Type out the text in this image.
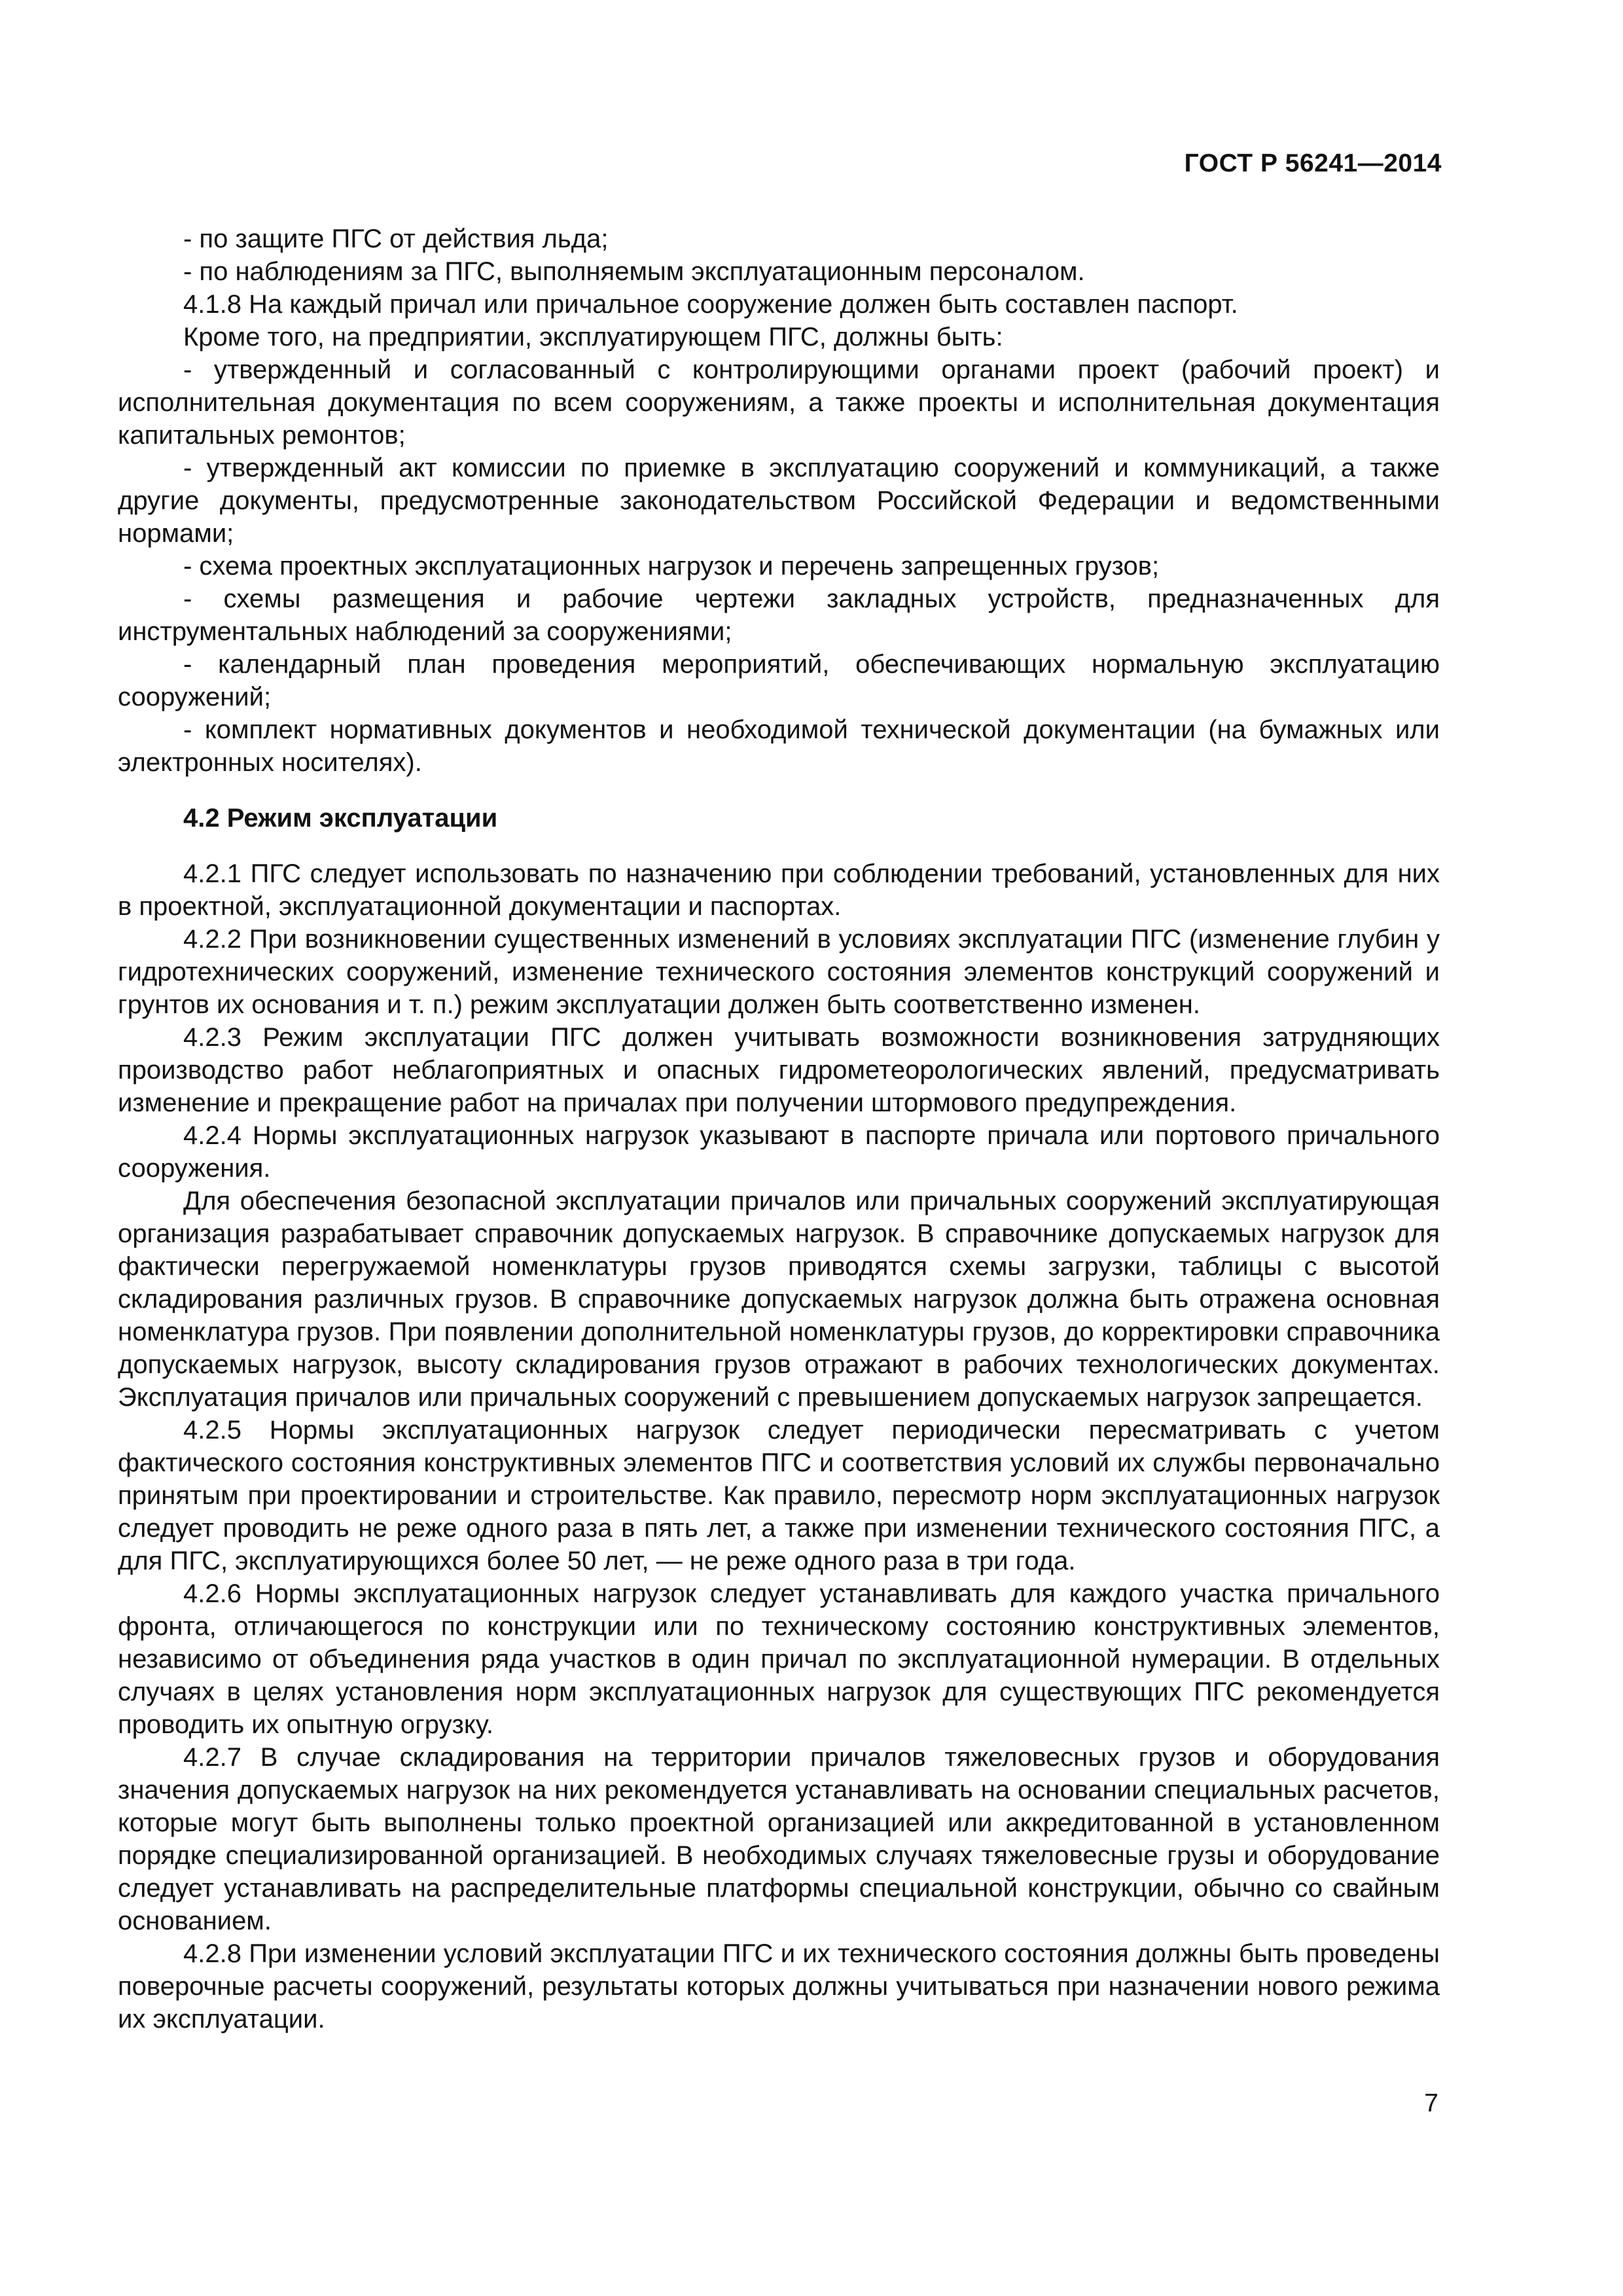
ГОСТ Р 56241—2014

- по защите ПГС от действия льда;

- по наблюдениям за ПГС, выполняемым эксплуатационным персоналом.

4.1.8 На каждый причал или причальное сооружение должен быть составлен паспорт.

Кроме того, на предприятии, эксплуатирующем ПГС, должны быть:

- утвержденный и согласованный с контролирующими органами проект (рабочий проект) и исполнительная документация по всем сооружениям, а также проекты и исполнительная документация капитальных ремонтов;

- утвержденный акт комиссии по приемке в эксплуатацию сооружений и коммуникаций, а также другие документы, предусмотренные законодательством Российской Федерации и ведомственными нормами;

- схема проектных эксплуатационных нагрузок и перечень запрещенных грузов;

- схемы размещения и рабочие чертежи закладных устройств, предназначенных для инструментальных наблюдений за сооружениями;

- календарный план проведения мероприятий, обеспечивающих нормальную эксплуатацию сооружений;

- комплект нормативных документов и необходимой технической документации (на бумажных или электронных носителях).

4.2 Режим эксплуатации

4.2.1 ПГС следует использовать по назначению при соблюдении требований, установленных для них в проектной, эксплуатационной документации и паспортах.

4.2.2 При возникновении существенных изменений в условиях эксплуатации ПГС (изменение глубин у гидротехнических сооружений, изменение технического состояния элементов конструкций сооружений и грунтов их основания и т. п.) режим эксплуатации должен быть соответственно изменен.

4.2.3 Режим эксплуатации ПГС должен учитывать возможности возникновения затрудняющих производство работ неблагоприятных и опасных гидрометеорологических явлений, предусматривать изменение и прекращение работ на причалах при получении штормового предупреждения.

4.2.4 Нормы эксплуатационных нагрузок указывают в паспорте причала или портового причального сооружения.

Для обеспечения безопасной эксплуатации причалов или причальных сооружений эксплуатирующая организация разрабатывает справочник допускаемых нагрузок. В справочнике допускаемых нагрузок для фактически перегружаемой номенклатуры грузов приводятся схемы загрузки, таблицы с высотой складирования различных грузов. В справочнике допускаемых нагрузок должна быть отражена основная номенклатура грузов. При появлении дополнительной номенклатуры грузов, до корректировки справочника допускаемых нагрузок, высоту складирования грузов отражают в рабочих технологических документах. Эксплуатация причалов или причальных сооружений с превышением допускаемых нагрузок запрещается.

4.2.5 Нормы эксплуатационных нагрузок следует периодически пересматривать с учетом фактического состояния конструктивных элементов ПГС и соответствия условий их службы первоначально принятым при проектировании и строительстве. Как правило, пересмотр норм эксплуатационных нагрузок следует проводить не реже одного раза в пять лет, а также при изменении технического состояния ПГС, а для ПГС, эксплуатирующихся более 50 лет, — не реже одного раза в три года.

4.2.6 Нормы эксплуатационных нагрузок следует устанавливать для каждого участка причального фронта, отличающегося по конструкции или по техническому состоянию конструктивных элементов, независимо от объединения ряда участков в один причал по эксплуатационной нумерации. В отдельных случаях в целях установления норм эксплуатационных нагрузок для существующих ПГС рекомендуется проводить их опытную огрузку.

4.2.7 В случае складирования на территории причалов тяжеловесных грузов и оборудования значения допускаемых нагрузок на них рекомендуется устанавливать на основании специальных расчетов, которые могут быть выполнены только проектной организацией или аккредитованной в установленном порядке специализированной организацией. В необходимых случаях тяжеловесные грузы и оборудование следует устанавливать на распределительные платформы специальной конструкции, обычно со свайным основанием.

4.2.8 При изменении условий эксплуатации ПГС и их технического состояния должны быть проведены поверочные расчеты сооружений, результаты которых должны учитываться при назначении нового режима их эксплуатации.

7
